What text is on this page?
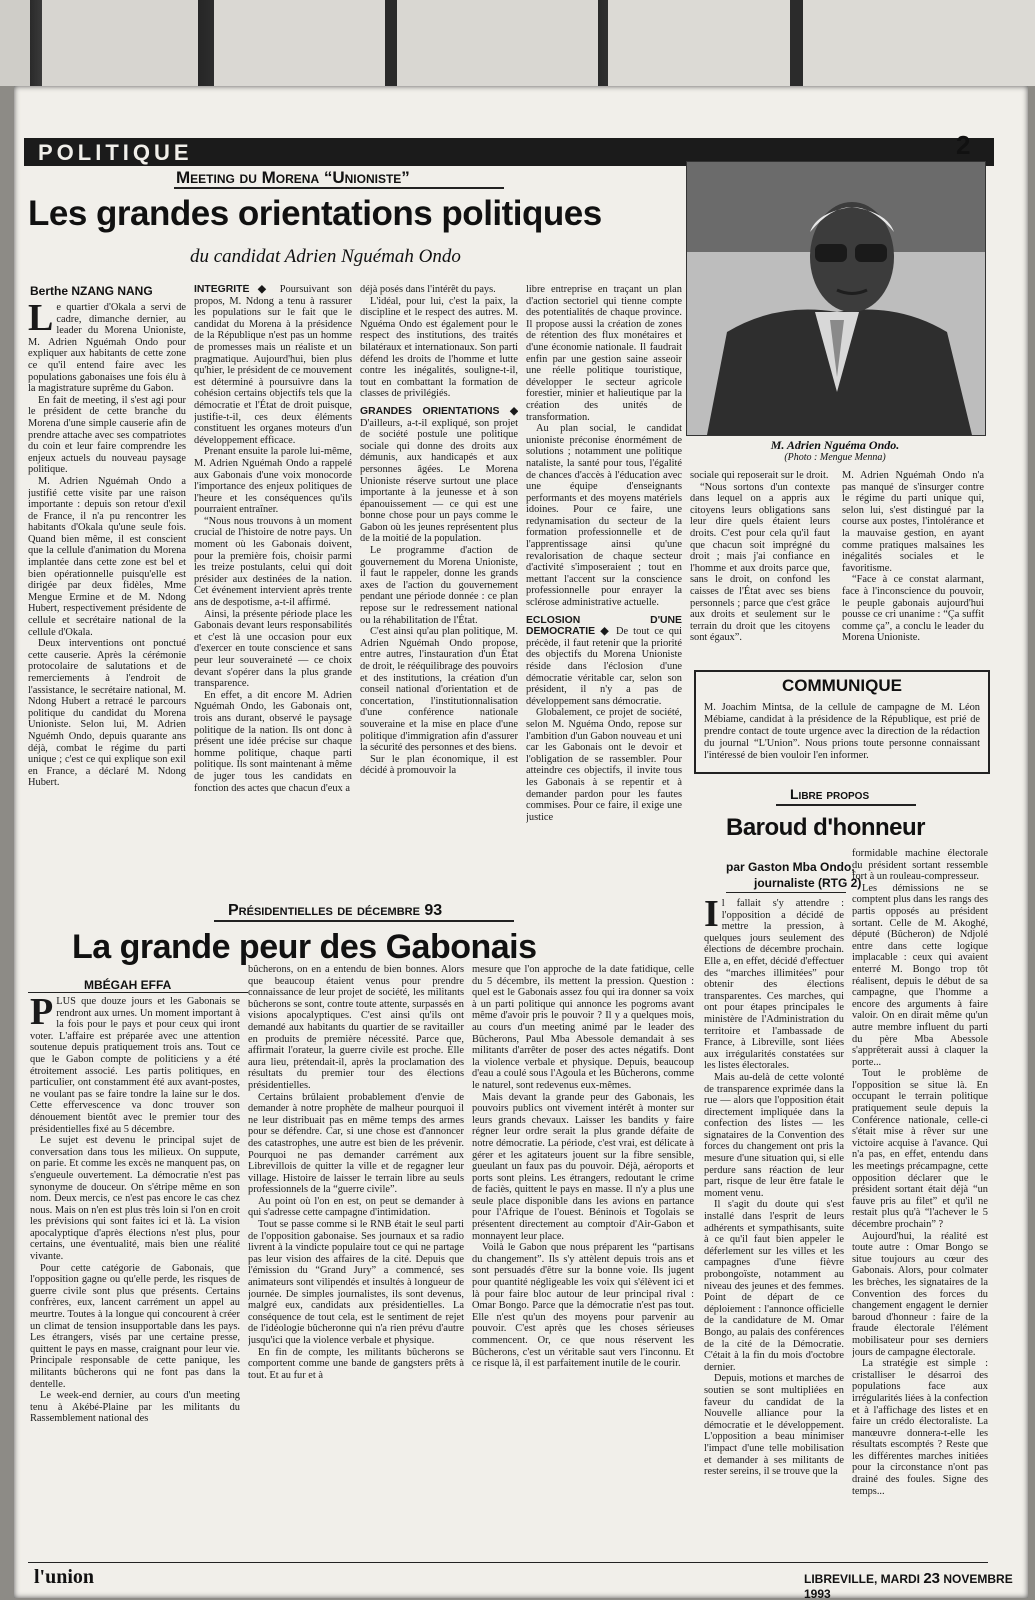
POLITIQUE	2
Meeting du Morena “Unioniste”
Les grandes orientations politiques
du candidat Adrien Nguémah Ondo
Berthe NZANG NANG

Le quartier d'Okala a servi de cadre, dimanche dernier, au leader du Morena Unioniste, M. Adrien Nguémah Ondo pour expliquer aux habitants de cette zone ce qu'il entend faire avec les populations gabonaises une fois élu à la magistrature suprême du Gabon.

En fait de meeting, il s'est agi pour le président de cette branche du Morena d'une simple causerie afin de prendre attache avec ses compatriotes du coin et leur faire comprendre les enjeux actuels du nouveau paysage politique.

M. Adrien Nguémah Ondo a justifié cette visite par une raison importante : depuis son retour d'exil de France, il n'a pu rencontrer les habitants d'Okala qu'une seule fois. Quand bien même, il est conscient que la cellule d'animation du Morena implantée dans cette zone est bel et bien opérationnelle puisqu'elle est dirigée par deux fidèles, Mme Mengue Ermine et de M. Ndong Hubert, respectivement présidente de cellule et secrétaire national de la cellule d'Okala.

Deux interventions ont ponctué cette causerie. Après la cérémonie protocolaire de salutations et de remerciements à l'endroit de l'assistance, le secrétaire national, M. Ndong Hubert a retracé le parcours politique du candidat du Morena Unioniste. Selon lui, M. Adrien Nguémh Ondo, depuis quarante ans déjà, combat le régime du parti unique ; c'est ce qui explique son exil en France, a déclaré M. Ndong Hubert.

INTEGRITÉ ◆ Poursuivant son propos, M. Ndong a tenu à rassurer les populations sur le fait que le candidat du Morena à la présidence de la République n'est pas un homme de promesses mais un réaliste et un pragmatique. Aujourd'hui, bien plus qu'hier, le président de ce mouvement est déterminé à poursuivre dans la cohésion certains objectifs tels que la démocratie et l'État de droit puisque, justifie-t-il, ces deux éléments constituent les organes moteurs d'un développement efficace.

Prenant ensuite la parole lui-même, M. Adrien Nguémah Ondo a rappelé aux Gabonais d'une voix monocorde l'importance des enjeux politiques de l'heure et les conséquences qu'ils pourraient entraîner.

“Nous nous trouvons à un moment crucial de l'histoire de notre pays. Un moment où les Gabonais doivent, pour la première fois, choisir parmi les treize postulants, celui qui doit présider aux destinées de la nation. Cet événement intervient après trente ans de despotisme, a-t-il affirmé.

Ainsi, la présente période place les Gabonais devant leurs responsabilités et c'est là une occasion pour eux d'exercer en toute conscience et sans peur leur souveraineté — ce choix devant s'opérer dans la plus grande transparence.

En effet, a dit encore M. Adrien Nguémah Ondo, les Gabonais ont, trois ans durant, observé le paysage politique de la nation. Ils ont donc à présent une idée précise sur chaque homme politique, chaque parti politique. Ils sont maintenant à même de juger tous les candidats en fonction des actes que chacun d'eux a

déjà posés dans l'intérêt du pays.

L'idéal, pour lui, c'est la paix, la discipline et le respect des autres. M. Nguéma Ondo est également pour le respect des institutions, des traités bilatéraux et internationaux. Son parti défend les droits de l'homme et lutte contre les inégalités, souligne-t-il, tout en combattant la formation de classes de privilégiés.

GRANDES ORIENTATIONS ◆ D'ailleurs, a-t-il expliqué, son projet de société postule une politique sociale qui donne des droits aux démunis, aux handicapés et aux personnes âgées. Le Morena Unioniste réserve surtout une place importante à la jeunesse et à son épanouissement — ce qui est une bonne chose pour un pays comme le Gabon où les jeunes représentent plus de la moitié de la population.

Le programme d'action de gouvernement du Morena Unioniste, il faut le rappeler, donne les grands axes de l'action du gouvernement pendant une période donnée : ce plan repose sur le redressement national ou la réhabilitation de l'État.

C'est ainsi qu'au plan politique, M. Adrien Nguémah Ondo propose, entre autres, l'instauration d'un État de droit, le rééquilibrage des pouvoirs et des institutions, la création d'un conseil national d'orientation et de concertation, l'institutionnalisation d'une conférence nationale souveraine et la mise en place d'une politique d'immigration afin d'assurer la sécurité des personnes et des biens.

Sur le plan économique, il est décidé à promouvoir la

libre entreprise en traçant un plan d'action sectoriel qui tienne compte des potentialités de chaque province. Il propose aussi la création de zones de rétention des flux monétaires et d'une économie nationale. Il faudrait enfin par une gestion saine asseoir une réelle politique touristique, développer le secteur agricole forestier, minier et halieutique par la création des unités de transformation.

Au plan social, le candidat unioniste préconise énormément de solutions ; notamment une politique nataliste, la santé pour tous, l'égalité de chances d'accès à l'éducation avec une équipe d'enseignants performants et des moyens matériels idoines. Pour ce faire, une redynamisation du secteur de la formation professionnelle et de l'apprentissage ainsi qu'une revalorisation de chaque secteur d'activité s'imposeraient ; tout en mettant l'accent sur la conscience professionnelle pour enrayer la sclérose administrative actuelle.

ECLOSION D'UNE DEMOCRATIE ◆ De tout ce qui précède, il faut retenir que la priorité des objectifs du Morena Unioniste réside dans l'éclosion d'une démocratie véritable car, selon son président, il n'y a pas de développement sans démocratie.

Globalement, ce projet de société, selon M. Nguéma Ondo, repose sur l'ambition d'un Gabon nouveau et uni car les Gabonais ont le devoir et l'obligation de se rassembler. Pour atteindre ces objectifs, il invite tous les Gabonais à se repentir et à demander pardon pour les fautes commises. Pour ce faire, il exige une justice

M. Adrien Nguéma Ondo.
(Photo : Mengue Menna)

sociale qui reposerait sur le droit.

“Nous sortons d'un contexte dans lequel on a appris aux citoyens leurs obligations sans leur dire quels étaient leurs droits. C'est pour cela qu'il faut que chacun soit imprégné du droit ; mais j'ai confiance en l'homme et aux droits parce que, sans le droit, on confond les caisses de l'État avec ses biens personnels ; parce que c'est grâce aux droits et seulement sur le terrain du droit que les citoyens sont égaux”.

M. Adrien Nguémah Ondo n'a pas manqué de s'insurger contre le régime du parti unique qui, selon lui, s'est distingué par la course aux postes, l'intolérance et la mauvaise gestion, en ayant comme pratiques malsaines les inégalités sociales et le favoritisme.

“Face à ce constat alarmant, face à l'inconscience du pouvoir, le peuple gabonais aujourd'hui pousse ce cri unanime : “Ça suffit comme ça”, a conclu le leader du Morena Unioniste.

COMMUNIQUE
M. Joachim Mintsa, de la cellule de campagne de M. Léon Mébiame, candidat à la présidence de la République, est prié de prendre contact de toute urgence avec la direction de la rédaction du journal “L'Union”. Nous prions toute personne connaissant l'intéressé de bien vouloir l'en informer.
Libre propos
Baroud d'honneur
par Gaston Mba Ondo,
journaliste (RTG 2)

Il fallait s'y attendre : l'opposition a décidé de mettre la pression, à quelques jours seulement des élections de décembre prochain. Elle a, en effet, décidé d'effectuer des “marches illimitées” pour obtenir des élections transparentes. Ces marches, qui ont pour étapes principales le ministère de l'Administration du territoire et l'ambassade de France, à Libreville, sont liées aux irrégularités constatées sur les listes électorales.

Mais au-delà de cette volonté de transparence exprimée dans la rue — alors que l'opposition était directement impliquée dans la confection des listes — les signataires de la Convention des forces du changement ont pris la mesure d'une situation qui, si elle perdure sans réaction de leur part, risque de leur être fatale le moment venu.

Il s'agit du doute qui s'est installé dans l'esprit de leurs adhérents et sympathisants, suite à ce qu'il faut bien appeler le déferlement sur les villes et les campagnes d'une fièvre probongoïste, notamment au niveau des jeunes et des femmes. Point de départ de ce déploiement : l'annonce officielle de la candidature de M. Omar Bongo, au palais des conférences de la cité de la Démocratie. C'était à la fin du mois d'octobre dernier.

Depuis, motions et marches de soutien se sont multipliées en faveur du candidat de la Nouvelle alliance pour la démocratie et le développement. L'opposition a beau minimiser l'impact d'une telle mobilisation et demander à ses militants de rester sereins, il se trouve que la

formidable machine électorale du président sortant ressemble fort à un rouleau-compresseur.

Les démissions ne se comptent plus dans les rangs des partis opposés au président sortant. Celle de M. Akoghé, député (Bûcheron) de Ndjolé entre dans cette logique implacable : ceux qui avaient enterré M. Bongo trop tôt réalisent, depuis le début de sa campagne, que l'homme a encore des arguments à faire valoir. On en dirait même qu'un autre membre influent du parti du père Mba Abessole s'apprêterait aussi à claquer la porte...

Tout le problème de l'opposition se situe là. En occupant le terrain politique pratiquement seule depuis la Conférence nationale, celle-ci s'était mise à rêver sur une victoire acquise à l'avance. Qui n'a pas, en effet, entendu dans les meetings précampagne, cette opposition déclarer que le président sortant était déjà “un fauve pris au filet” et qu'il ne restait plus qu'à “l'achever le 5 décembre prochain” ?

Aujourd'hui, la réalité est toute autre : Omar Bongo se situe toujours au cœur des Gabonais. Alors, pour colmater les brèches, les signataires de la Convention des forces du changement engagent le dernier baroud d'honneur : faire de la fraude électorale l'élément mobilisateur pour ses derniers jours de campagne électorale.

La stratégie est simple : cristalliser le désarroi des populations face aux irrégularités liées à la confection et à l'affichage des listes et en faire un crédo électoraliste. La manœuvre donnera-t-elle les résultats escomptés ? Reste que les différentes marches initiées pour la circonstance n'ont pas drainé des foules. Signe des temps...

Présidentielles de décembre 93
La grande peur des Gabonais
MBÉGAH EFFA

PLUS que douze jours et les Gabonais se rendront aux urnes. Un moment important à la fois pour le pays et pour ceux qui iront voter. L'affaire est préparée avec une attention soutenue depuis pratiquement trois ans. Tout ce que le Gabon compte de politiciens y a été étroitement associé. Les partis politiques, en particulier, ont constamment été aux avant-postes, ne voulant pas se faire tondre la laine sur le dos. Cette effervescence va donc trouver son dénouement bientôt avec le premier tour des présidentielles fixé au 5 décembre.

Le sujet est devenu le principal sujet de conversation dans tous les milieux. On suppute, on parie. Et comme les excès ne manquent pas, on s'engueule ouvertement. La démocratie n'est pas synonyme de douceur. On s'étripe même en son nom. Deux mercis, ce n'est pas encore le cas chez nous. Mais on n'en est plus très loin si l'on en croit les prévisions qui sont faites ici et là. La vision apocalyptique d'après élections n'est plus, pour certains, une éventualité, mais bien une réalité vivante.

Pour cette catégorie de Gabonais, que l'opposition gagne ou qu'elle perde, les risques de guerre civile sont plus que présents. Certains confrères, eux, lancent carrément un appel au meurtre. Toutes à la longue qui concourent à créer un climat de tension insupportable dans les pays. Les étrangers, visés par une certaine presse, quittent le pays en masse, craignant pour leur vie. Principale responsable de cette panique, les militants bûcherons qui ne font pas dans la dentelle.

Le week-end dernier, au cours d'un meeting tenu à Akébé-Plaine par les militants du Rassemblement national des

bûcherons, on en a entendu de bien bonnes. Alors que beaucoup étaient venus pour prendre connaissance de leur projet de société, les militants bûcherons se sont, contre toute attente, surpassés en visions apocalyptiques. C'est ainsi qu'ils ont demandé aux habitants du quartier de se ravitailler en produits de première nécessité. Parce que, affirmait l'orateur, la guerre civile est proche. Elle aura lieu, prétendait-il, après la proclamation des résultats du premier tour des élections présidentielles.

Certains brûlaient probablement d'envie de demander à notre prophète de malheur pourquoi il ne leur distribuait pas en même temps des armes pour se défendre. Car, si une chose est d'annoncer des catastrophes, une autre est bien de les prévenir. Pourquoi ne pas demander carrément aux Librevillois de quitter la ville et de regagner leur village. Histoire de laisser le terrain libre au seuls professionnels de la “guerre civile”.

Au point où l'on en est, on peut se demander à qui s'adresse cette campagne d'intimidation.

Tout se passe comme si le RNB était le seul parti de l'opposition gabonaise. Ses journaux et sa radio livrent à la vindicte populaire tout ce qui ne partage pas leur vision des affaires de la cité. Depuis que l'émission du “Grand Jury” a commencé, ses animateurs sont vilipendés et insultés à longueur de journée. De simples journalistes, ils sont devenus, malgré eux, candidats aux présidentielles. La conséquence de tout cela, est le sentiment de rejet de l'idéologie bûcheronne qui n'a rien prévu d'autre jusqu'ici que la violence verbale et physique.

En fin de compte, les militants bûcherons se comportent comme une bande de gangsters prêts à tout. Et au fur et à

mesure que l'on approche de la date fatidique, celle du 5 décembre, ils mettent la pression. Question : quel est le Gabonais assez fou qui ira donner sa voix à un parti politique qui annonce les pogroms avant même d'avoir pris le pouvoir ? Il y a quelques mois, au cours d'un meeting animé par le leader des Bûcherons, Paul Mba Abessole demandait à ses militants d'arrêter de poser des actes négatifs. Dont la violence verbale et physique. Depuis, beaucoup d'eau a coulé sous l'Agoula et les Bûcherons, comme le naturel, sont redevenus eux-mêmes.

Mais devant la grande peur des Gabonais, les pouvoirs publics ont vivement intérêt à monter sur leurs grands chevaux. Laisser les bandits y faire régner leur ordre serait la plus grande défaite de notre démocratie. La période, c'est vrai, est délicate à gérer et les agitateurs jouent sur la fibre sensible, gueulant un faux pas du pouvoir. Déjà, aéroports et ports sont pleins. Les étrangers, redoutant le crime de faciès, quittent le pays en masse. Il n'y a plus une seule place disponible dans les avions en partance pour l'Afrique de l'ouest. Béninois et Togolais se présentent directement au comptoir d'Air-Gabon et monnayent leur place.

Voilà le Gabon que nous préparent les “partisans du changement”. Ils s'y attèlent depuis trois ans et sont persuadés d'être sur la bonne voie. Ils jugent pour quantité négligeable les voix qui s'élèvent ici et là pour faire bloc autour de leur principal rival : Omar Bongo. Parce que la démocratie n'est pas tout. Elle n'est qu'un des moyens pour parvenir au pouvoir. C'est après que les choses sérieuses commencent. Or, ce que nous réservent les Bûcherons, c'est un véritable saut vers l'inconnu. Et ce risque là, il est parfaitement inutile de le courir.

l'union	LIBREVILLE, MARDI 23 NOVEMBRE 1993
